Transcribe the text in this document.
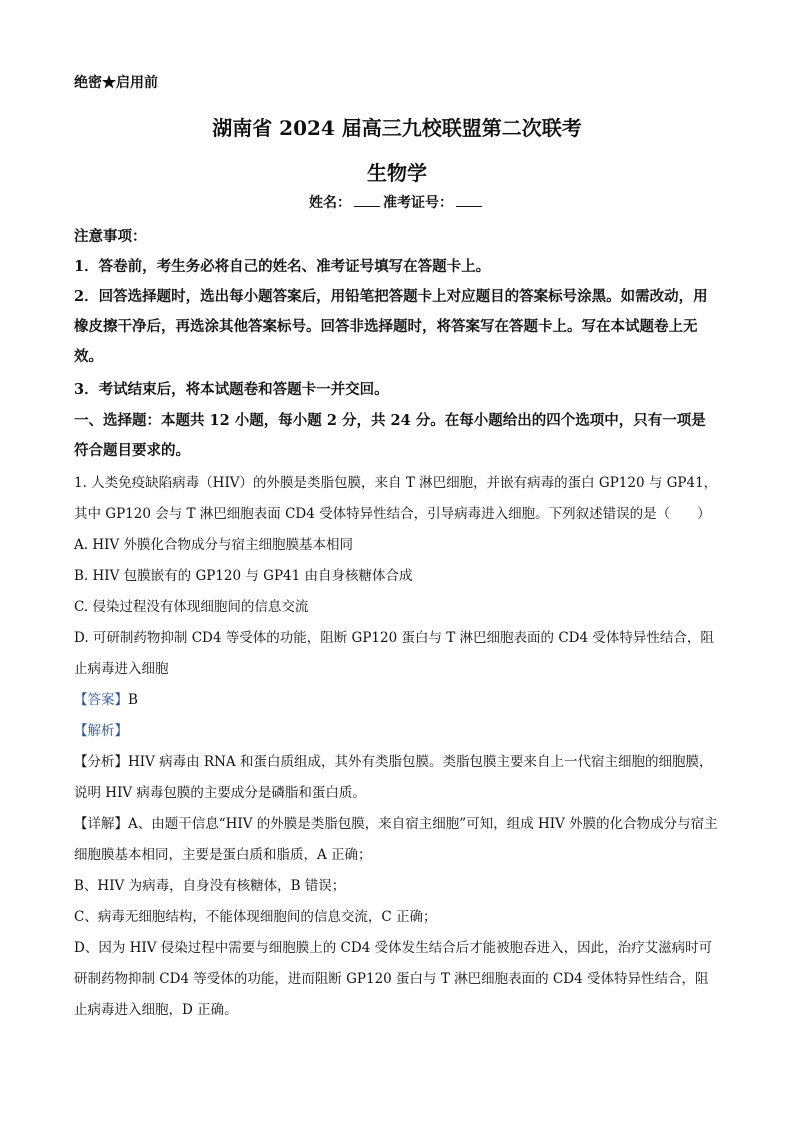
绝密★启用前
湖南省 2024 届高三九校联盟第二次联考
生物学
姓名： 准考证号：
注意事项：
1．答卷前，考生务必将自己的姓名、准考证号填写在答题卡上。
2．回答选择题时，选出每小题答案后，用铅笔把答题卡上对应题目的答案标号涂黑。如需改动，用橡皮擦干净后，再选涂其他答案标号。回答非选择题时，将答案写在答题卡上。写在本试题卷上无效。
3．考试结束后，将本试题卷和答题卡一并交回。
一、选择题：本题共 12 小题，每小题 2 分，共 24 分。在每小题给出的四个选项中，只有一项是符合题目要求的。
1. 人类免疫缺陷病毒（HIV）的外膜是类脂包膜，来自 T 淋巴细胞，并嵌有病毒的蛋白 GP120 与 GP41，其中 GP120 会与 T 淋巴细胞表面 CD4 受体特异性结合，引导病毒进入细胞。下列叙述错误的是（　　）
A. HIV 外膜化合物成分与宿主细胞膜基本相同
B. HIV 包膜嵌有的 GP120 与 GP41 由自身核糖体合成
C. 侵染过程没有体现细胞间的信息交流
D. 可研制药物抑制 CD4 等受体的功能，阻断 GP120 蛋白与 T 淋巴细胞表面的 CD4 受体特异性结合，阻止病毒进入细胞
【答案】B
【解析】
【分析】HIV 病毒由 RNA 和蛋白质组成，其外有类脂包膜。类脂包膜主要来自上一代宿主细胞的细胞膜，说明 HIV 病毒包膜的主要成分是磷脂和蛋白质。
【详解】A、由题干信息“HIV 的外膜是类脂包膜，来自宿主细胞”可知，组成 HIV 外膜的化合物成分与宿主细胞膜基本相同，主要是蛋白质和脂质，A 正确；
B、HIV 为病毒，自身没有核糖体，B 错误；
C、病毒无细胞结构，不能体现细胞间的信息交流，C 正确；
D、因为 HIV 侵染过程中需要与细胞膜上的 CD4 受体发生结合后才能被胞吞进入，因此，治疗艾滋病时可研制药物抑制 CD4 等受体的功能，进而阻断 GP120 蛋白与 T 淋巴细胞表面的 CD4 受体特异性结合，阻止病毒进入细胞，D 正确。
